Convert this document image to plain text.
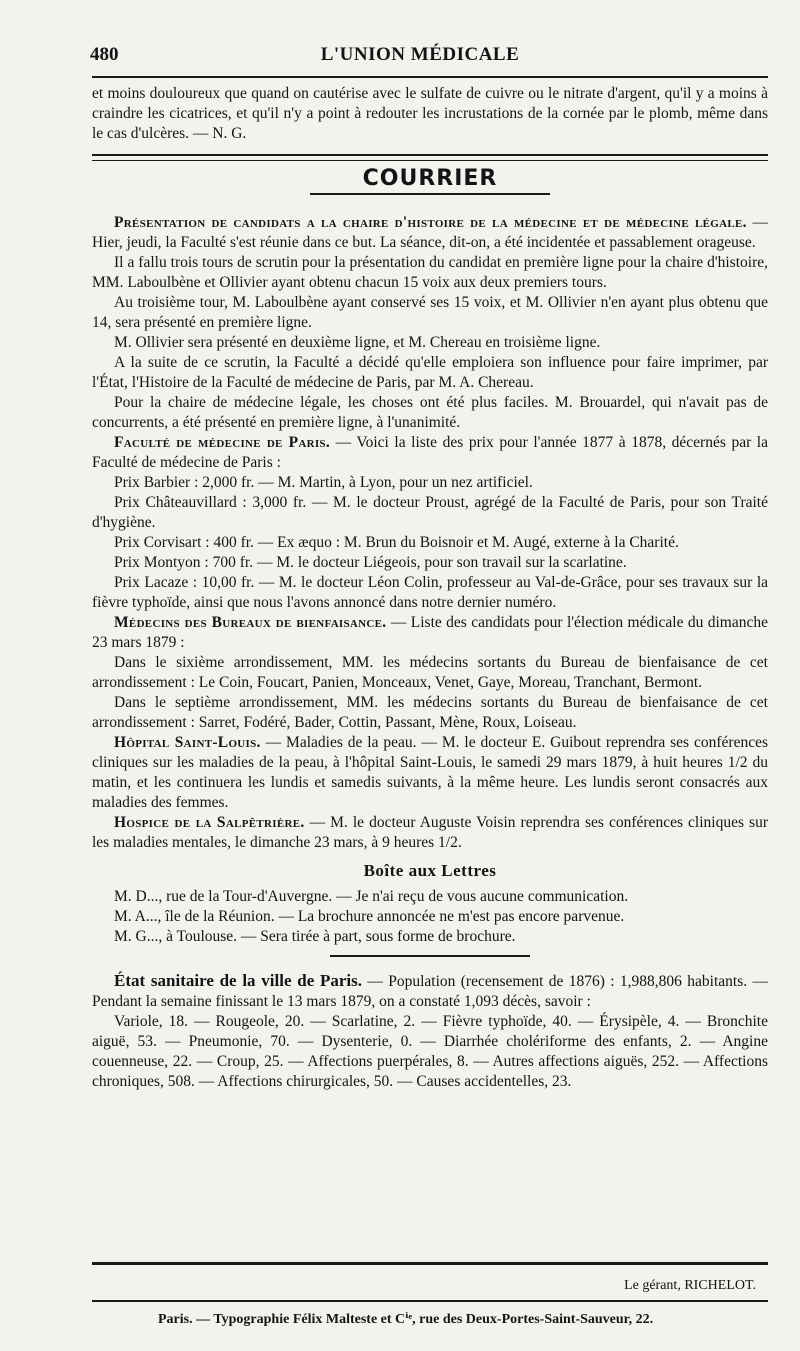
480	L'UNION MÉDICALE

et moins douloureux que quand on cautérise avec le sulfate de cuivre ou le nitrate d'argent, qu'il y a moins à craindre les cicatrices, et qu'il n'y a point à redouter les incrustations de la cornée par le plomb, même dans le cas d'ulcères. — N. G.

COURRIER

Présentation de candidats a la chaire d'histoire de la médecine et de médecine légale. — Hier, jeudi, la Faculté s'est réunie dans ce but. La séance, dit-on, a été incidentée et passablement orageuse.

Il a fallu trois tours de scrutin pour la présentation du candidat en première ligne pour la chaire d'histoire, MM. Laboulbène et Ollivier ayant obtenu chacun 15 voix aux deux premiers tours.

Au troisième tour, M. Laboulbène ayant conservé ses 15 voix, et M. Ollivier n'en ayant plus obtenu que 14, sera présenté en première ligne.

M. Ollivier sera présenté en deuxième ligne, et M. Chereau en troisième ligne.

A la suite de ce scrutin, la Faculté a décidé qu'elle emploiera son influence pour faire imprimer, par l'État, l'Histoire de la Faculté de médecine de Paris, par M. A. Chereau.

Pour la chaire de médecine légale, les choses ont été plus faciles. M. Brouardel, qui n'avait pas de concurrents, a été présenté en première ligne, à l'unanimité.

Faculté de médecine de Paris. — Voici la liste des prix pour l'année 1877 à 1878, décernés par la Faculté de médecine de Paris :

Prix Barbier : 2,000 fr. — M. Martin, à Lyon, pour un nez artificiel.

Prix Châteauvillard : 3,000 fr. — M. le docteur Proust, agrégé de la Faculté de Paris, pour son Traité d'hygiène.

Prix Corvisart : 400 fr. — Ex æquo : M. Brun du Boisnoir et M. Augé, externe à la Charité.

Prix Montyon : 700 fr. — M. le docteur Liégeois, pour son travail sur la scarlatine.

Prix Lacaze : 10,00 fr. — M. le docteur Léon Colin, professeur au Val-de-Grâce, pour ses travaux sur la fièvre typhoïde, ainsi que nous l'avons annoncé dans notre dernier numéro.

Médecins des Bureaux de bienfaisance. — Liste des candidats pour l'élection médicale du dimanche 23 mars 1879 :

Dans le sixième arrondissement, MM. les médecins sortants du Bureau de bienfaisance de cet arrondissement : Le Coin, Foucart, Panien, Monceaux, Venet, Gaye, Moreau, Tranchant, Bermont.

Dans le septième arrondissement, MM. les médecins sortants du Bureau de bienfaisance de cet arrondissement : Sarret, Fodéré, Bader, Cottin, Passant, Mène, Roux, Loiseau.

Hôpital Saint-Louis. — Maladies de la peau. — M. le docteur E. Guibout reprendra ses conférences cliniques sur les maladies de la peau, à l'hôpital Saint-Louis, le samedi 29 mars 1879, à huit heures 1/2 du matin, et les continuera les lundis et samedis suivants, à la même heure. Les lundis seront consacrés aux maladies des femmes.

Hospice de la Salpêtrière. — M. le docteur Auguste Voisin reprendra ses conférences cliniques sur les maladies mentales, le dimanche 23 mars, à 9 heures 1/2.

Boîte aux Lettres

M. D..., rue de la Tour-d'Auvergne. — Je n'ai reçu de vous aucune communication.

M. A..., île de la Réunion. — La brochure annoncée ne m'est pas encore parvenue.

M. G..., à Toulouse. — Sera tirée à part, sous forme de brochure.

État sanitaire de la ville de Paris. — Population (recensement de 1876) : 1,988,806 habitants. — Pendant la semaine finissant le 13 mars 1879, on a constaté 1,093 décès, savoir :

Variole, 18. — Rougeole, 20. — Scarlatine, 2. — Fièvre typhoïde, 40. — Érysipèle, 4. — Bronchite aiguë, 53. — Pneumonie, 70. — Dysenterie, 0. — Diarrhée cholériforme des enfants, 2. — Angine couenneuse, 22. — Croup, 25. — Affections puerpérales, 8. — Autres affections aiguës, 252. — Affections chroniques, 508. — Affections chirurgicales, 50. — Causes accidentelles, 23.

Le gérant, RICHELOT.
Paris. — Typographie Félix Malteste et Cⁱᵉ, rue des Deux-Portes-Saint-Sauveur, 22.
